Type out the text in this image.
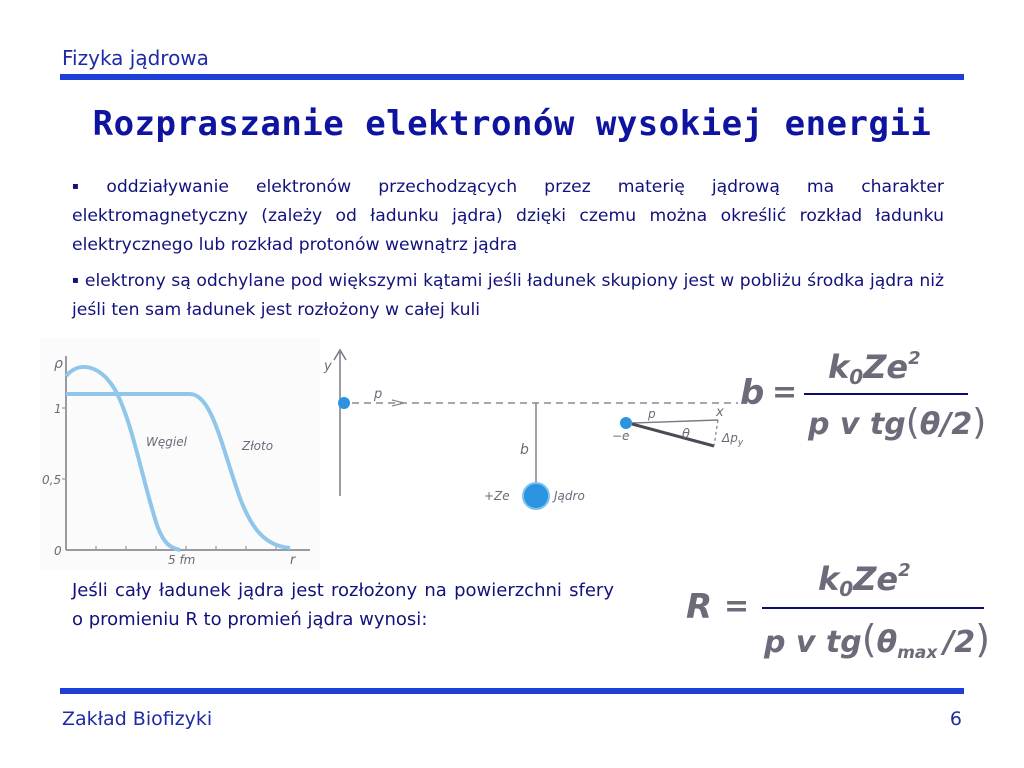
Fizyka jądrowa
Rozpraszanie elektronów wysokiej energii
▪ oddziaływanie elektronów przechodzących przez materię jądrową ma charakter elektromagnetyczny (zależy od ładunku jądra) dzięki czemu można określić rozkład ładunku elektrycznego lub rozkład protonów wewnątrz jądra
▪ elektrony są odchylane pod większymi kątami jeśli ładunek skupiony jest w pobliżu środka jądra niż jeśli ten sam ładunek jest rozłożony w całej kuli
ρ
1
0,5
0
5 fm	r
Węgiel	Złoto
y
x
p
b
+Ze	Jądro
−e
p
θ	$\Delta p_y$
b =
$k0Ze^2$
p v tg(θ/2)
Jeśli cały ładunek jądra jest rozłożony na powierzchni sfery o promieniu R to promień jądra wynosi:	R =
$k0Ze^2$
p v $tg(\theta_{max}$ /2)
Zakład Biofizyki	6
